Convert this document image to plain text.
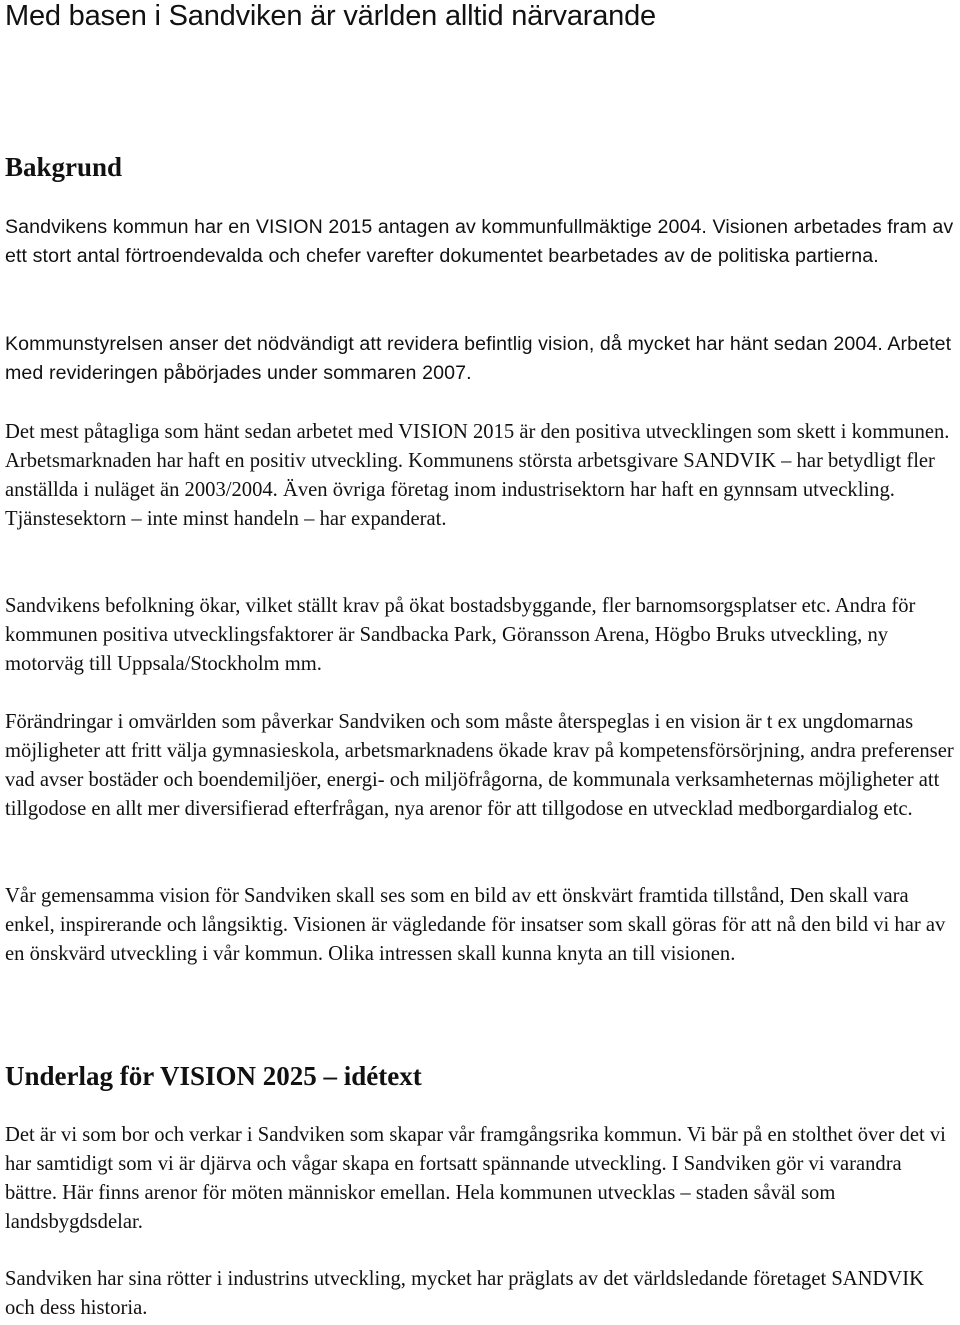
Med basen i Sandviken är världen alltid närvarande
Bakgrund

Sandvikens kommun har en VISION 2015 antagen av kommunfullmäktige 2004. Visionen arbetades fram av ett stort antal förtroendevalda och chefer varefter dokumentet bearbetades av de politiska partierna.

Kommunstyrelsen anser det nödvändigt att revidera befintlig vision, då mycket har hänt sedan 2004. Arbetet med revideringen påbörjades under sommaren 2007.

Det mest påtagliga som hänt sedan arbetet med VISION 2015 är den positiva utvecklingen som skett i kommunen. Arbetsmarknaden har haft en positiv utveckling. Kommunens största arbetsgivare SANDVIK – har betydligt fler anställda i nuläget än 2003/2004. Även övriga företag inom industrisektorn har haft en gynnsam utveckling. Tjänstesektorn – inte minst handeln – har expanderat.

Sandvikens befolkning ökar, vilket ställt krav på ökat bostadsbyggande, fler barnomsorgsplatser etc. Andra för kommunen positiva utvecklingsfaktorer är Sandbacka Park, Göransson Arena, Högbo Bruks utveckling, ny motorväg till Uppsala/Stockholm mm.

Förändringar i omvärlden som påverkar Sandviken och som måste återspeglas i en vision är t ex ungdomarnas möjligheter att fritt välja gymnasieskola, arbetsmarknadens ökade krav på kompetensförsörjning, andra preferenser vad avser bostäder och boendemiljöer, energi- och miljöfrågorna, de kommunala verksamheternas möjligheter att tillgodose en allt mer diversifierad efterfrågan, nya arenor för att tillgodose en utvecklad medborgardialog etc.

Vår gemensamma vision för Sandviken skall ses som en bild av ett önskvärt framtida tillstånd, Den skall vara enkel, inspirerande och långsiktig. Visionen är vägledande för insatser som skall göras för att nå den bild vi har av en önskvärd utveckling i vår kommun. Olika intressen skall kunna knyta an till visionen.

Underlag för VISION 2025 – idétext

Det är vi som bor och verkar i Sandviken som skapar vår framgångsrika kommun. Vi bär på en stolthet över det vi har samtidigt som vi är djärva och vågar skapa en fortsatt spännande utveckling. I Sandviken gör vi varandra bättre. Här finns arenor för möten människor emellan. Hela kommunen utvecklas – staden såväl som landsbygdsdelar.

Sandviken har sina rötter i industrins utveckling, mycket har präglats av det världsledande företaget SANDVIK och dess historia.
